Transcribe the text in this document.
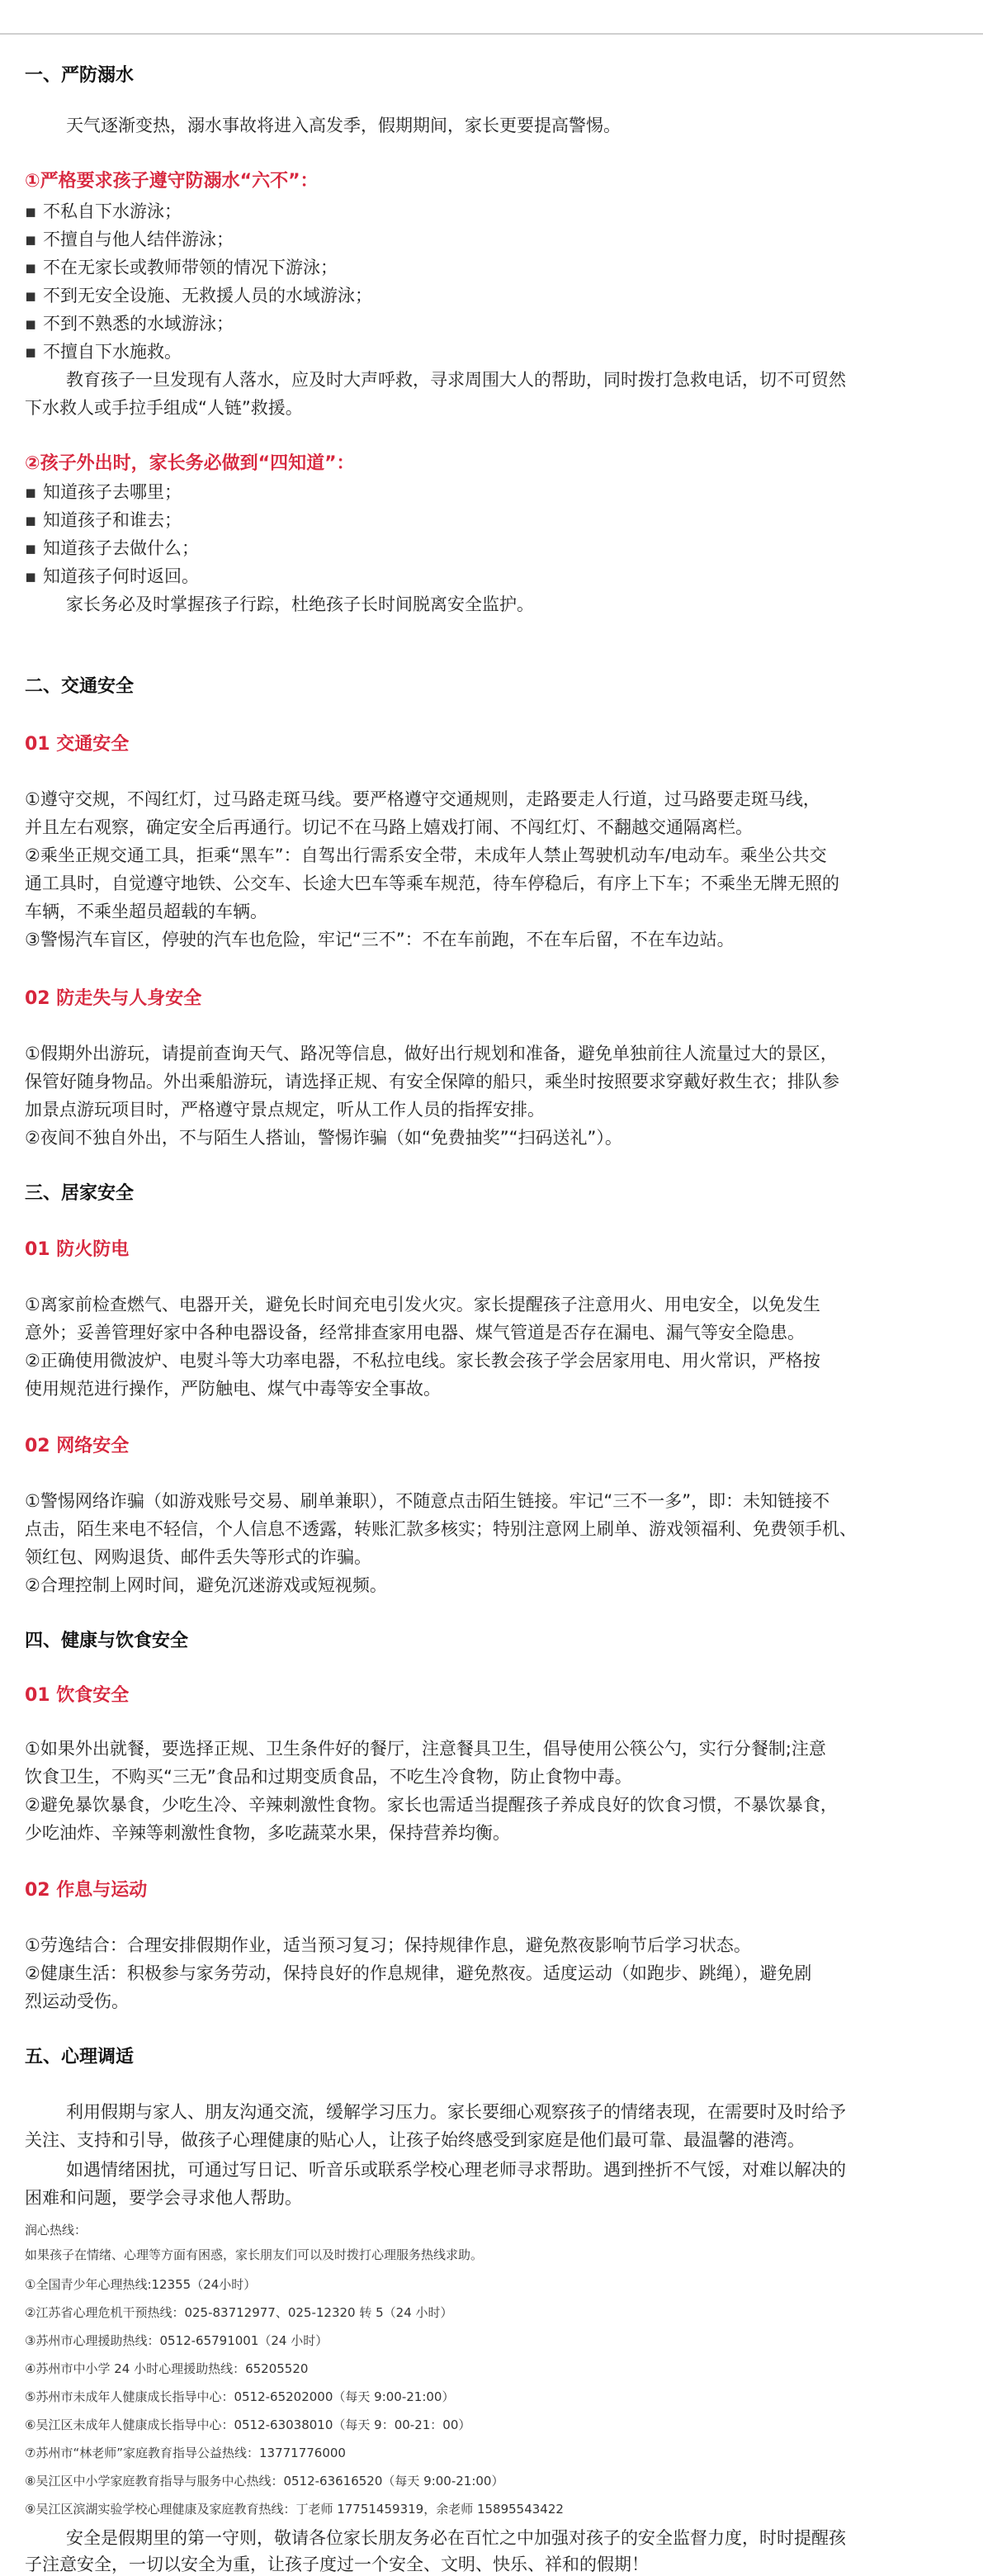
一、严防溺水

天气逐渐变热，溺水事故将进入高发季，假期期间，家长更要提高警惕。

①严格要求孩子遵守防溺水“六不”：

▪ 不私自下水游泳；

▪ 不擅自与他人结伴游泳；

▪ 不在无家长或教师带领的情况下游泳；

▪ 不到无安全设施、无救援人员的水域游泳；

▪ 不到不熟悉的水域游泳；

▪ 不擅自下水施救。

教育孩子一旦发现有人落水，应及时大声呼救，寻求周围大人的帮助，同时拨打急救电话，切不可贸然

下水救人或手拉手组成“人链”救援。

②孩子外出时，家长务必做到“四知道”：

▪ 知道孩子去哪里；

▪ 知道孩子和谁去；

▪ 知道孩子去做什么；

▪ 知道孩子何时返回。

家长务必及时掌握孩子行踪，杜绝孩子长时间脱离安全监护。

二、交通安全

01 交通安全

①遵守交规，不闯红灯，过马路走斑马线。要严格遵守交通规则，走路要走人行道，过马路要走斑马线，

并且左右观察，确定安全后再通行。切记不在马路上嬉戏打闹、不闯红灯、不翻越交通隔离栏。

②乘坐正规交通工具，拒乘“黑车”：自驾出行需系安全带，未成年人禁止驾驶机动车/电动车。乘坐公共交

通工具时，自觉遵守地铁、公交车、长途大巴车等乘车规范，待车停稳后，有序上下车；不乘坐无牌无照的

车辆，不乘坐超员超载的车辆。

③警惕汽车盲区，停驶的汽车也危险，牢记“三不”：不在车前跑，不在车后留，不在车边站。

02 防走失与人身安全

①假期外出游玩，请提前查询天气、路况等信息，做好出行规划和准备，避免单独前往人流量过大的景区，

保管好随身物品。外出乘船游玩，请选择正规、有安全保障的船只，乘坐时按照要求穿戴好救生衣；排队参

加景点游玩项目时，严格遵守景点规定，听从工作人员的指挥安排。

②夜间不独自外出，不与陌生人搭讪，警惕诈骗（如“免费抽奖”“扫码送礼”）。

三、居家安全

01 防火防电

①离家前检查燃气、电器开关，避免长时间充电引发火灾。家长提醒孩子注意用火、用电安全，以免发生

意外；妥善管理好家中各种电器设备，经常排查家用电器、煤气管道是否存在漏电、漏气等安全隐患。

②正确使用微波炉、电熨斗等大功率电器，不私拉电线。家长教会孩子学会居家用电、用火常识，严格按

使用规范进行操作，严防触电、煤气中毒等安全事故。

02 网络安全

①警惕网络诈骗（如游戏账号交易、刷单兼职），不随意点击陌生链接。牢记“三不一多”，即：未知链接不

点击，陌生来电不轻信，个人信息不透露，转账汇款多核实；特别注意网上刷单、游戏领福利、免费领手机、

领红包、网购退货、邮件丢失等形式的诈骗。

②合理控制上网时间，避免沉迷游戏或短视频。

四、健康与饮食安全

01 饮食安全

①如果外出就餐，要选择正规、卫生条件好的餐厅，注意餐具卫生，倡导使用公筷公勺，实行分餐制;注意

饮食卫生，不购买“三无”食品和过期变质食品，不吃生冷食物，防止食物中毒。

②避免暴饮暴食，少吃生冷、辛辣刺激性食物。家长也需适当提醒孩子养成良好的饮食习惯，不暴饮暴食，

少吃油炸、辛辣等刺激性食物，多吃蔬菜水果，保持营养均衡。

02 作息与运动

①劳逸结合：合理安排假期作业，适当预习复习；保持规律作息，避免熬夜影响节后学习状态。

②健康生活：积极参与家务劳动，保持良好的作息规律，避免熬夜。适度运动（如跑步、跳绳），避免剧

烈运动受伤。

五、心理调适

利用假期与家人、朋友沟通交流，缓解学习压力。家长要细心观察孩子的情绪表现，在需要时及时给予

关注、支持和引导，做孩子心理健康的贴心人，让孩子始终感受到家庭是他们最可靠、最温馨的港湾。

如遇情绪困扰，可通过写日记、听音乐或联系学校心理老师寻求帮助。遇到挫折不气馁，对难以解决的

困难和问题，要学会寻求他人帮助。

润心热线：

如果孩子在情绪、心理等方面有困惑，家长朋友们可以及时拨打心理服务热线求助。

①全国青少年心理热线:12355（24小时）

②江苏省心理危机干预热线：025-83712977、025-12320 转 5（24 小时）

③苏州市心理援助热线：0512-65791001（24 小时）

④苏州市中小学 24 小时心理援助热线：65205520

⑤苏州市未成年人健康成长指导中心：0512-65202000（每天 9:00-21:00）

⑥吴江区未成年人健康成长指导中心：0512-63038010（每天 9：00-21：00）

⑦苏州市“林老师”家庭教育指导公益热线：13771776000

⑧吴江区中小学家庭教育指导与服务中心热线：0512-63616520（每天 9:00-21:00）

⑨吴江区滨湖实验学校心理健康及家庭教育热线：丁老师 17751459319，余老师 15895543422

安全是假期里的第一守则，敬请各位家长朋友务必在百忙之中加强对孩子的安全监督力度，时时提醒孩

子注意安全，一切以安全为重，让孩子度过一个安全、文明、快乐、祥和的假期！
